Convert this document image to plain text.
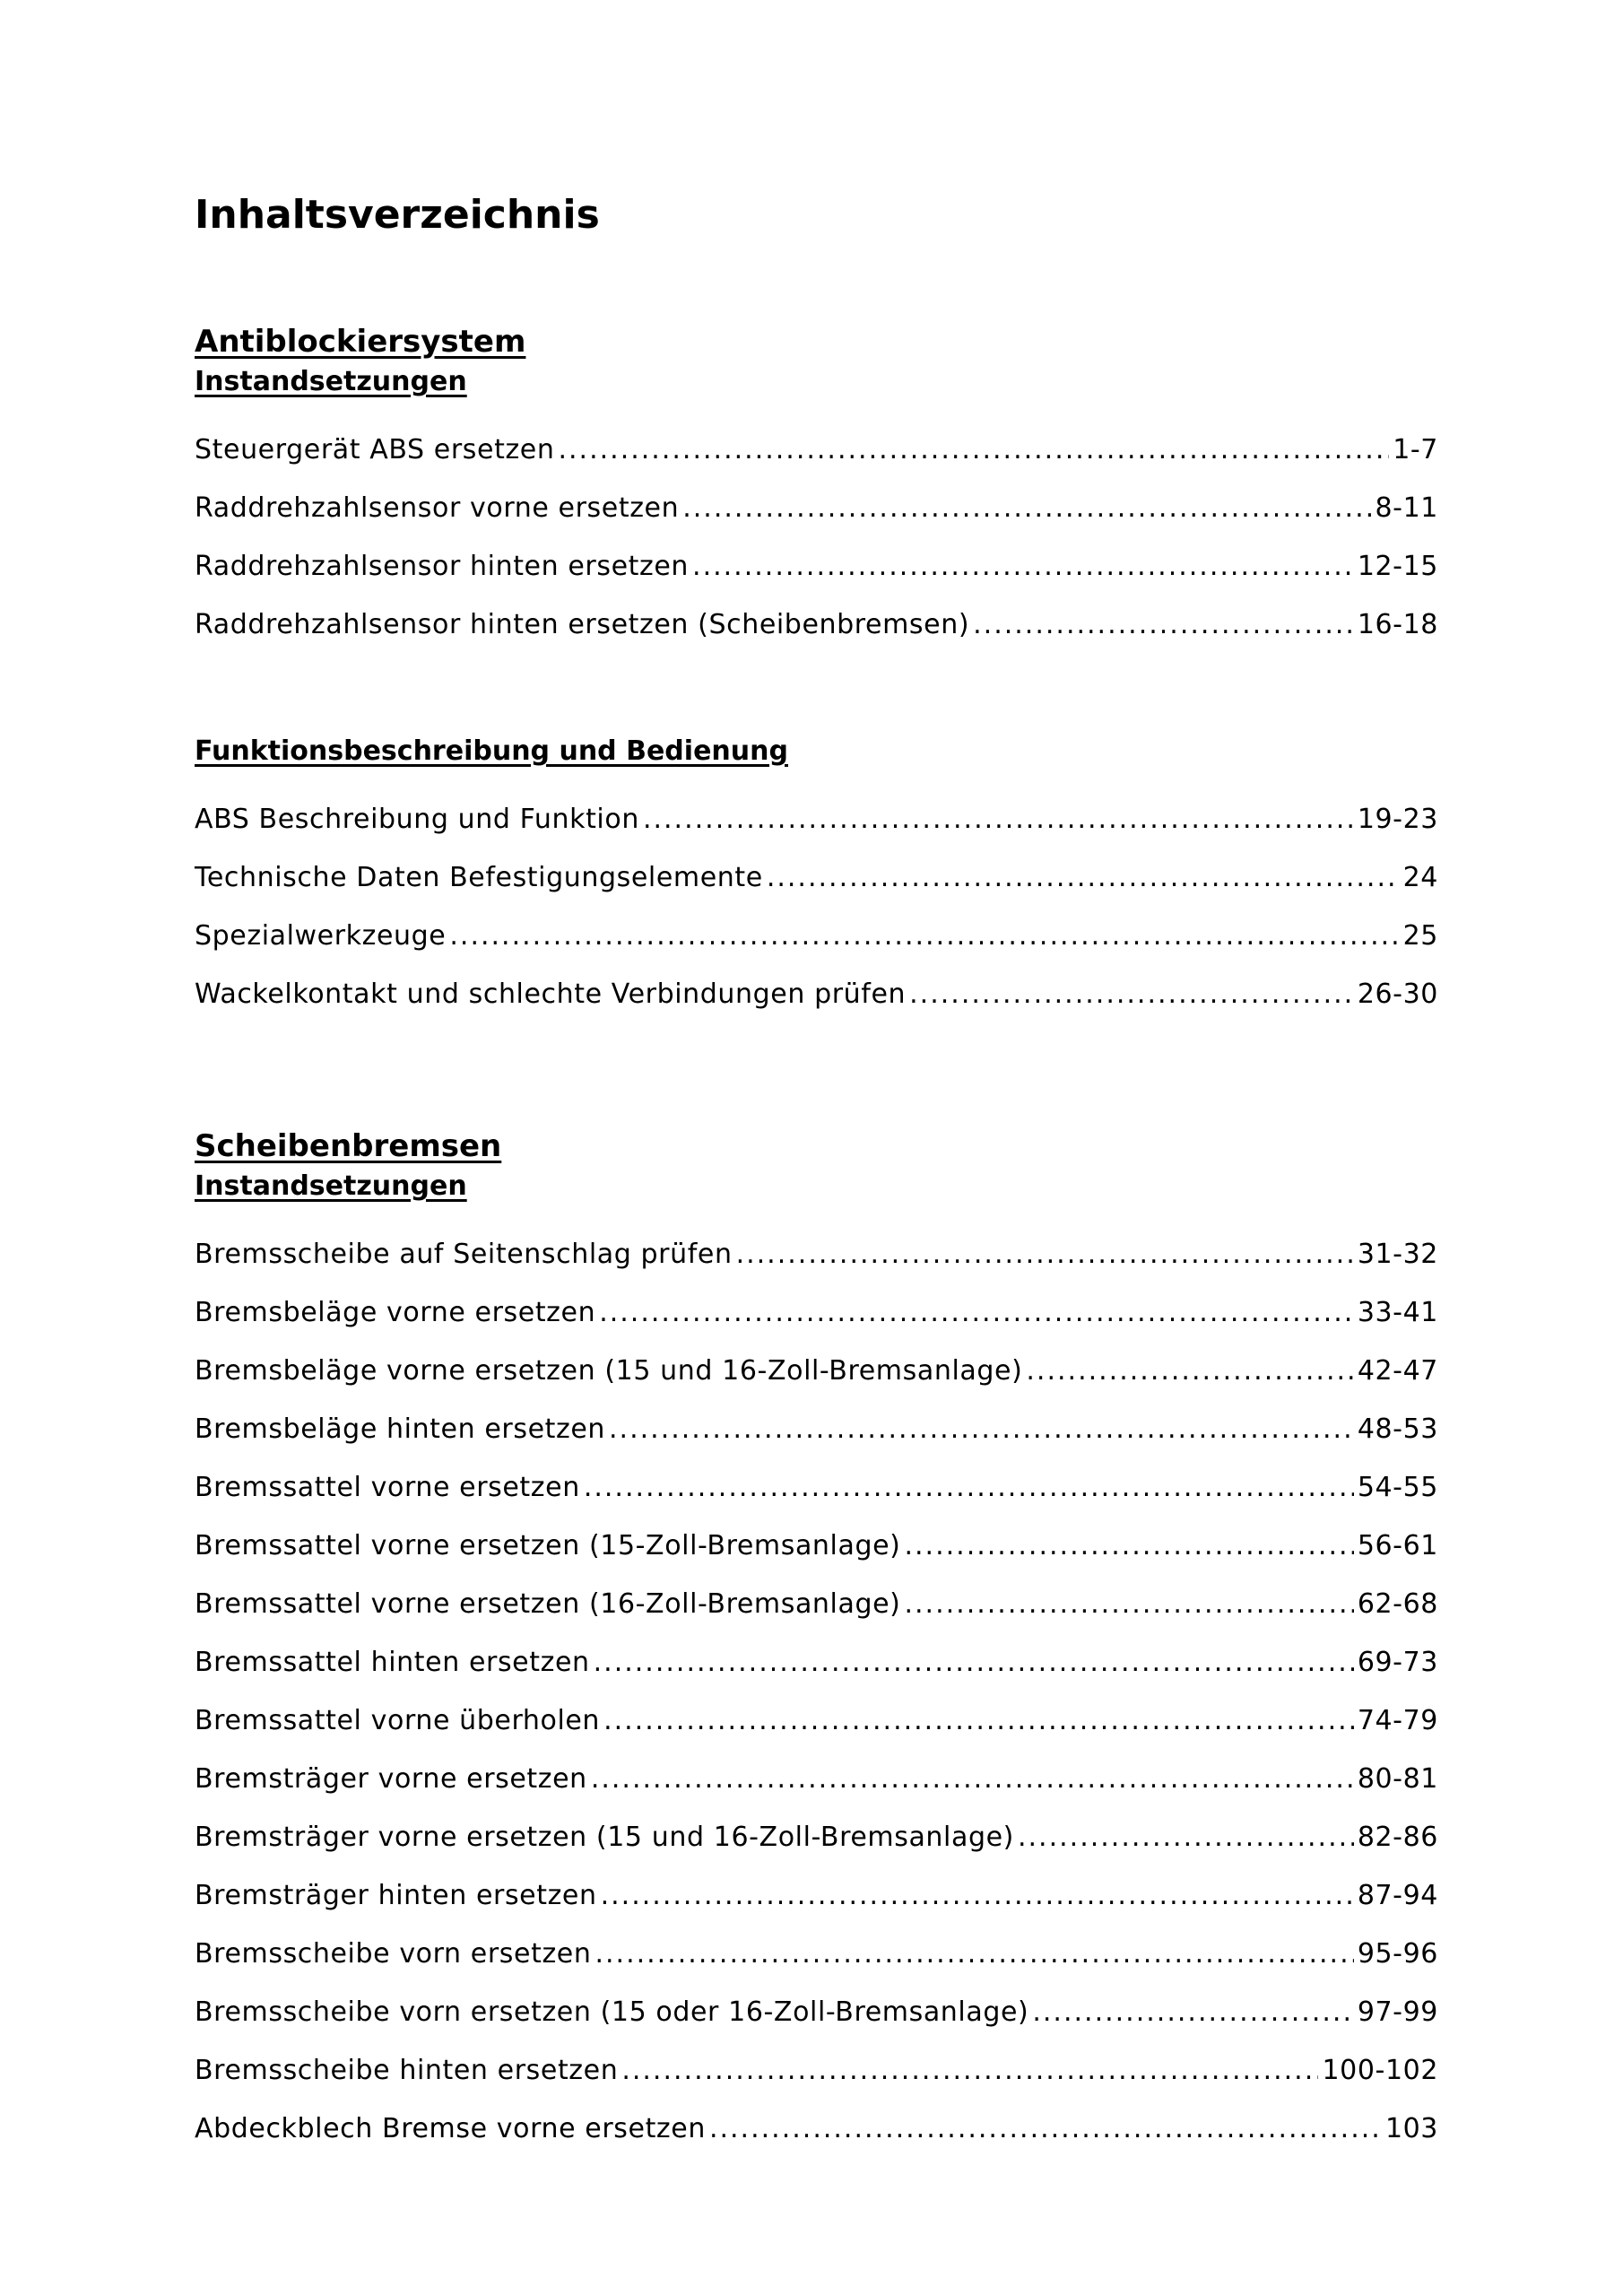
Inhaltsverzeichnis
Antiblockiersystem
Instandsetzungen
Steuergerät ABS ersetzen .....	1-7
Raddrehzahlsensor vorne ersetzen .....	8-11
Raddrehzahlsensor hinten ersetzen .....	12-15
Raddrehzahlsensor hinten ersetzen (Scheibenbremsen) .....	16-18
Funktionsbeschreibung und Bedienung
ABS Beschreibung und Funktion .....	19-23
Technische Daten Befestigungselemente .....	24
Spezialwerkzeuge .....	25
Wackelkontakt und schlechte Verbindungen prüfen .....	26-30
Scheibenbremsen
Instandsetzungen
Bremsscheibe auf Seitenschlag prüfen .....	31-32
Bremsbeläge vorne ersetzen .....	33-41
Bremsbeläge vorne ersetzen (15 und 16-Zoll-Bremsanlage) .....	42-47
Bremsbeläge hinten ersetzen .....	48-53
Bremssattel vorne ersetzen .....	54-55
Bremssattel vorne ersetzen (15-Zoll-Bremsanlage) .....	56-61
Bremssattel vorne ersetzen (16-Zoll-Bremsanlage) .....	62-68
Bremssattel hinten ersetzen .....	69-73
Bremssattel vorne überholen .....	74-79
Bremsträger vorne ersetzen .....	80-81
Bremsträger vorne ersetzen (15 und 16-Zoll-Bremsanlage) .....	82-86
Bremsträger hinten ersetzen .....	87-94
Bremsscheibe vorn ersetzen .....	95-96
Bremsscheibe vorn ersetzen (15 oder 16-Zoll-Bremsanlage) .....	97-99
Bremsscheibe hinten ersetzen .....	100-102
Abdeckblech Bremse vorne ersetzen .....	103
